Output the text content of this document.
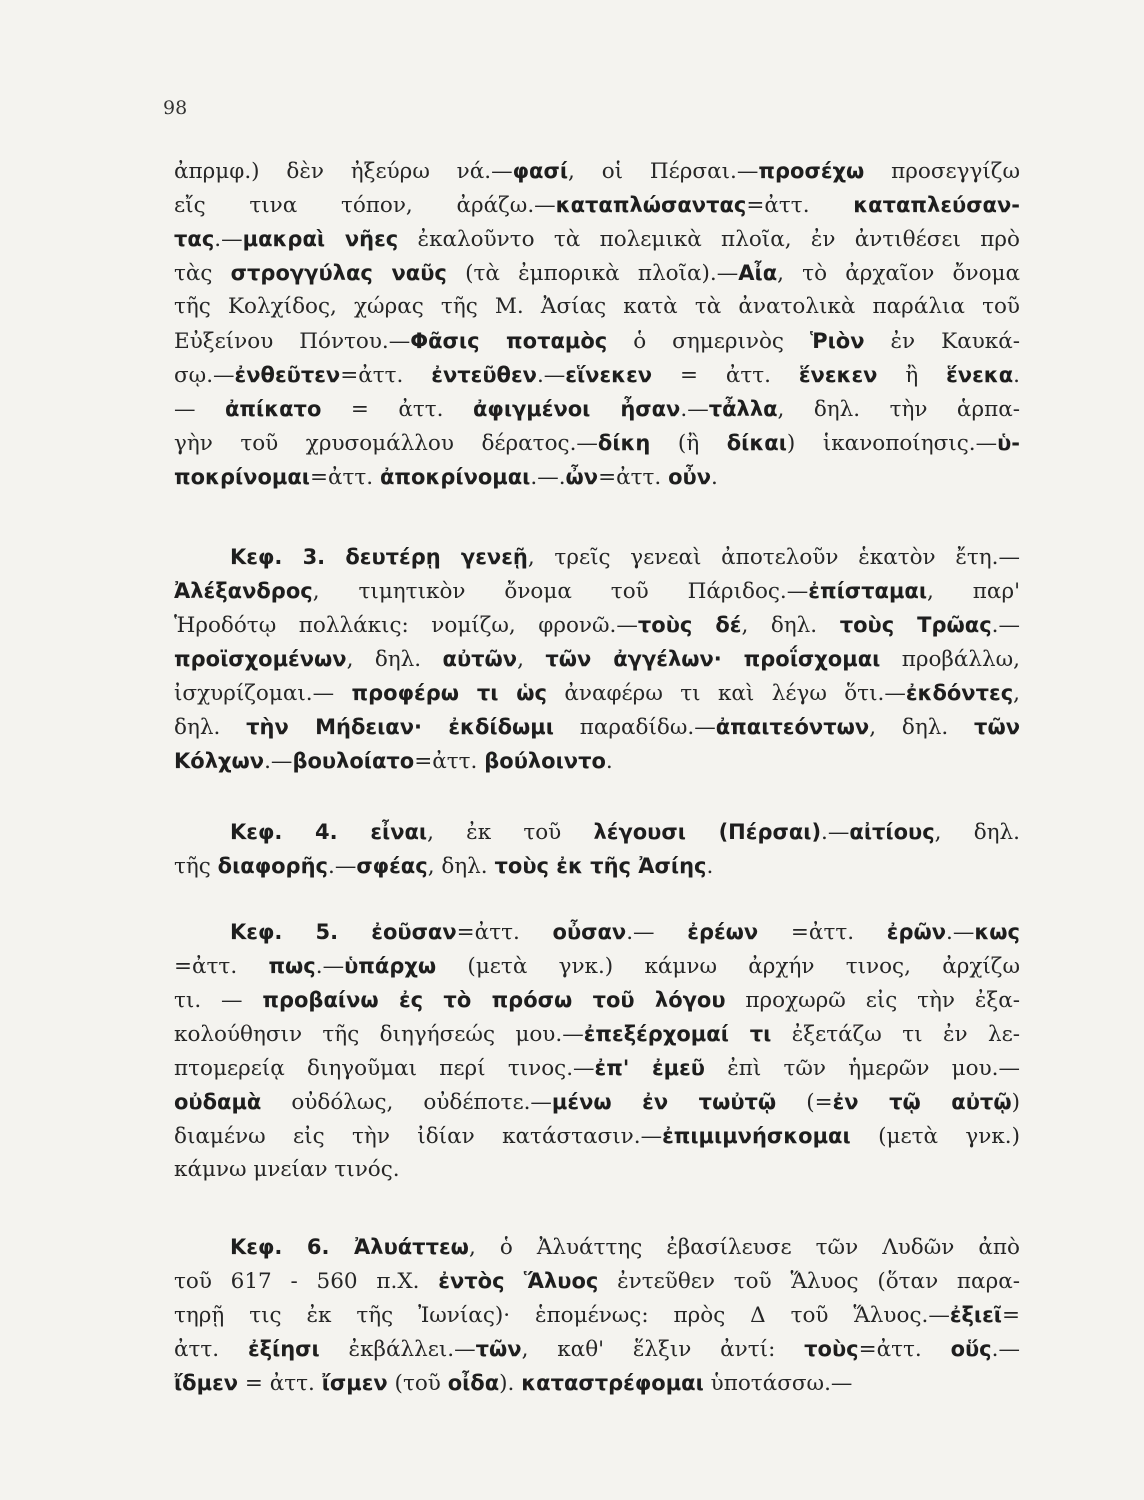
98
ἀπρμφ.) δὲν ἠξεύρω νά.—φασί, οἱ Πέρσαι.—προσέχω προσεγγίζω
εἴς τινα τόπον, ἀράζω.—καταπλώσαντας=ἀττ. καταπλεύσαν-
τας.—μακραὶ νῆες ἐκαλοῦντο τὰ πολεμικὰ πλοῖα, ἐν ἀντιθέσει πρὸ
τὰς στρογγύλας ναῦς (τὰ ἐμπορικὰ πλοῖα).—Αἶα, τὸ ἀρχαῖον ὄνομα
τῆς Κολχίδος, χώρας τῆς Μ. Ἀσίας κατὰ τὰ ἀνατολικὰ παράλια τοῦ
Εὐξείνου Πόντου.—Φᾶσις ποταμὸς ὁ σημερινὸς Ῥιὸν ἐν Καυκά-
σῳ.—ἐνθεῦτεν=ἀττ. ἐντεῦθεν.—εἵνεκεν = ἀττ. ἕνεκεν ἢ ἕνεκα.
— ἀπίκατο = ἀττ. ἀφιγμένοι ἦσαν.—τἆλλα, δηλ. τὴν ἁρπα-
γὴν τοῦ χρυσομάλλου δέρατος.—δίκη (ἢ δίκαι) ἱκανοποίησις.—ὑ-
ποκρίνομαι=ἀττ. ἀποκρίνομαι.—.ὦν=ἀττ. οὖν.
Κεφ. 3. δευτέρῃ γενεῇ, τρεῖς γενεαὶ ἀποτελοῦν ἑκατὸν ἔτη.—
Ἀλέξανδρος, τιμητικὸν ὄνομα τοῦ Πάριδος.—ἐπίσταμαι, παρ'
Ἡροδότῳ πολλάκις: νομίζω, φρονῶ.—τοὺς δέ, δηλ. τοὺς Τρῶας.—
προϊσχομένων, δηλ. αὐτῶν, τῶν ἀγγέλων· προΐσχομαι προβάλλω,
ἰσχυρίζομαι.— προφέρω τι ὡς ἀναφέρω τι καὶ λέγω ὅτι.—ἐκδόντες,
δηλ. τὴν Μήδειαν· ἐκδίδωμι παραδίδω.—ἀπαιτεόντων, δηλ. τῶν
Κόλχων.—βουλοίατο=ἀττ. βούλοιντο.
Κεφ. 4. εἶναι, ἐκ τοῦ λέγουσι (Πέρσαι).—αἰτίους, δηλ.
τῆς διαφορῆς.—σφέας, δηλ. τοὺς ἐκ τῆς Ἀσίης.
Κεφ. 5. ἐοῦσαν=ἀττ. οὖσαν.— ἐρέων =ἀττ. ἐρῶν.—κως
=ἀττ. πως.—ὑπάρχω (μετὰ γνκ.) κάμνω ἀρχήν τινος, ἀρχίζω
τι. — προβαίνω ἐς τὸ πρόσω τοῦ λόγου προχωρῶ εἰς τὴν ἐξα-
κολούθησιν τῆς διηγήσεώς μου.—ἐπεξέρχομαί τι ἐξετάζω τι ἐν λε-
πτομερείᾳ διηγοῦμαι περί τινος.—ἐπ' ἐμεῦ ἐπὶ τῶν ἡμερῶν μου.—
οὐδαμὰ οὐδόλως, οὐδέποτε.—μένω ἐν τωὐτῷ (=ἐν τῷ αὐτῷ)
διαμένω εἰς τὴν ἰδίαν κατάστασιν.—ἐπιμιμνήσκομαι (μετὰ γνκ.)
κάμνω μνείαν τινός.
Κεφ. 6. Ἀλυάττεω, ὁ Ἀλυάττης ἐβασίλευσε τῶν Λυδῶν ἀπὸ
τοῦ 617 - 560 π.Χ. ἐντὸς Ἅλυος ἐντεῦθεν τοῦ Ἅλυος (ὅταν παρα-
τηρῇ τις ἐκ τῆς Ἰωνίας)· ἑπομένως: πρὸς Δ τοῦ Ἅλυος.—ἐξιεῖ=
ἀττ. ἐξίησι ἐκβάλλει.—τῶν, καθ' ἕλξιν ἀντί: τοὺς=ἀττ. οὕς.—
ἴδμεν = ἀττ. ἴσμεν (τοῦ οἶδα). καταστρέφομαι ὑποτάσσω.—
